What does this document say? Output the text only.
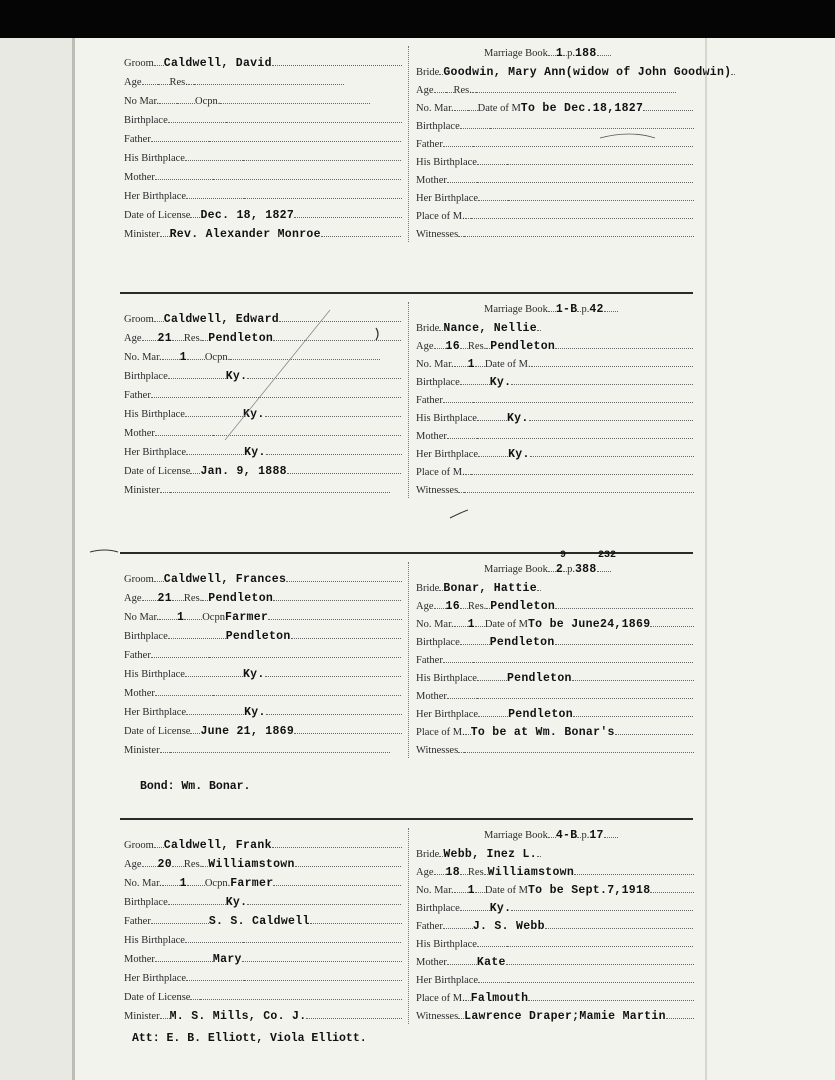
Groom Caldwell, David
Age	Res.
No Mar.	Ocpn.
Birthplace
Father
His Birthplace
Mother
Her Birthplace
Date of License Dec. 18, 1827
Minister Rev. Alexander Monroe
Marriage Book 1 p.188
Bride Goodwin, Mary Ann(widow of John Goodwin)
Age Res.
No. Mar. Date of MTo be Dec.18,1827
Birthplace
Father
His Birthplace
Mother
Her Birthplace
Place of M.
Witnesses
Groom Caldwell, Edward
Age 21 Res. Pendleton
No. Mar. 1 Ocpn.
Birthplace	Ky.
Father
His Birthplace	Ky.
Mother
Her Birthplace	Ky.
Date of License Jan. 9, 1888
Minister
Marriage Book 1-B p.42
Bride Nance, Nellie
Age 16 Res. Pendleton
No. Mar. 1 Date of M.
Birthplace	Ky.
Father
His Birthplace	Ky.
Mother
Her Birthplace	Ky.
Place of M.
Witnesses
Groom Caldwell, Frances
Age 21 Res. Pendleton
No Mar. 1 OcpnFarmer
Birthplace	Pendleton
Father
His Birthplace	Ky.
Mother
Her Birthplace	Ky.
Date of License June 21, 1869
Minister
Marriage Book 2 p.388
9	232
Bride Bonar, Hattie
Age 16 Res. Pendleton
No. Mar. 1 Date of MTo be June24,1869
Birthplace	Pendleton
Father
His Birthplace	Pendleton
Mother
Her Birthplace	Pendleton
Place of M. To be at Wm. Bonar's
Witnesses
Bond: Wm. Bonar.
Groom Caldwell, Frank
Age 20 Res. Williamstown
No. Mar. 1 Ocpn.Farmer
Birthplace	Ky.
Father	S. S. Caldwell
His Birthplace
Mother	Mary
Her Birthplace
Date of License
Minister M. S. Mills, Co. J.
Marriage Book 4-B p.17
Bride Webb, Inez L.
Age 18 Res Williamstown
No. Mar. 1 Date of MTo be Sept.7,1918
Birthplace	Ky.
Father	J. S. Webb
His Birthplace
Mother	Kate
Her Birthplace
Place of M. Falmouth
Witnesses Lawrence Draper;Mamie Martin
Att: E. B. Elliott, Viola Elliott.
